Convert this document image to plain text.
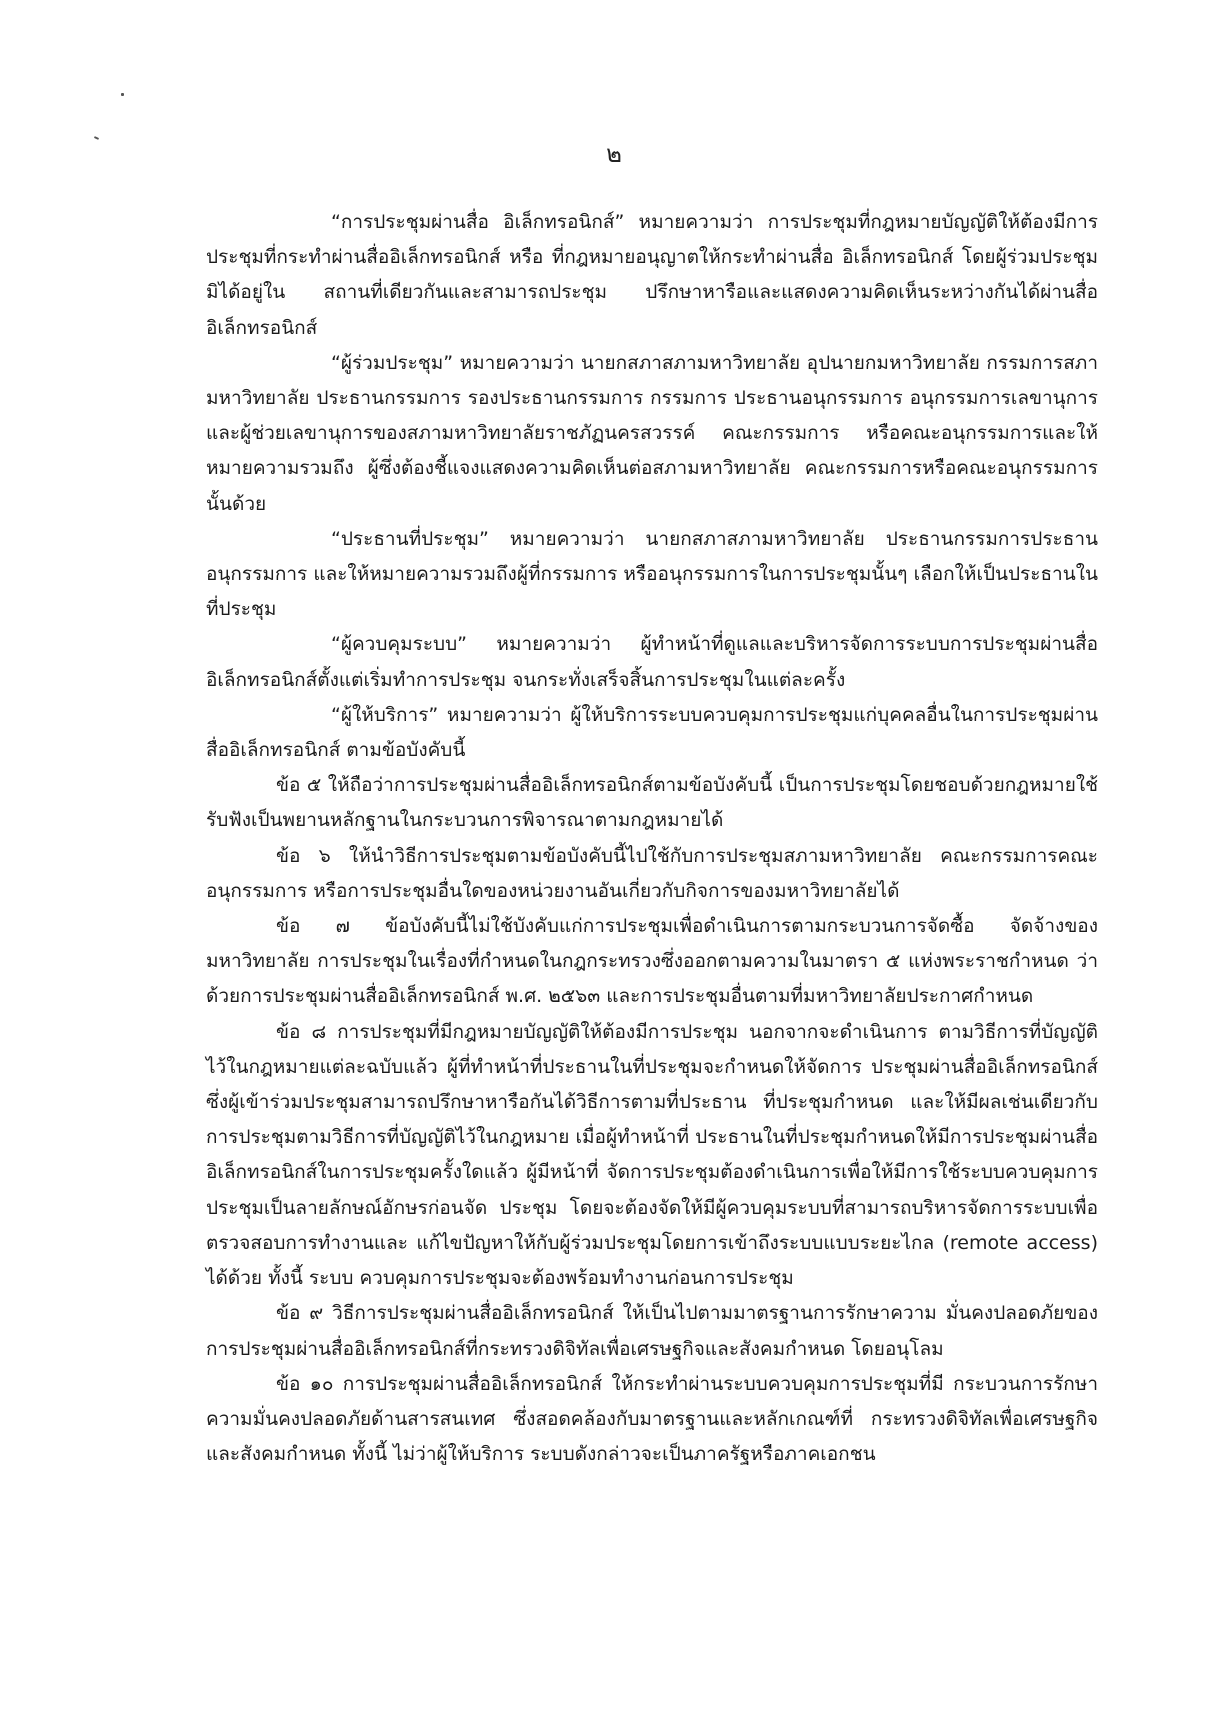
๒

“การประชุมผ่านสื่อ อิเล็กทรอนิกส์” หมายความว่า การประชุมที่กฎหมายบัญญัติให้ต้องมีการประชุมที่กระทำผ่านสื่ออิเล็กทรอนิกส์ หรือ ที่กฎหมายอนุญาตให้กระทำผ่านสื่อ อิเล็กทรอนิกส์ โดยผู้ร่วมประชุมมิได้อยู่ใน สถานที่เดียวกันและสามารถประชุม ปรึกษาหารือและแสดงความคิดเห็นระหว่างกันได้ผ่านสื่ออิเล็กทรอนิกส์

“ผู้ร่วมประชุม” หมายความว่า นายกสภาสภามหาวิทยาลัย อุปนายกมหาวิทยาลัย กรรมการสภามหาวิทยาลัย ประธานกรรมการ รองประธานกรรมการ กรรมการ ประธานอนุกรรมการ อนุกรรมการเลขานุการและผู้ช่วยเลขานุการของสภามหาวิทยาลัยราชภัฏนครสวรรค์ คณะกรรมการ หรือคณะอนุกรรมการและให้หมายความรวมถึง ผู้ซึ่งต้องชี้แจงแสดงความคิดเห็นต่อสภามหาวิทยาลัย คณะกรรมการหรือคณะอนุกรรมการ นั้นด้วย

“ประธานที่ประชุม” หมายความว่า นายกสภาสภามหาวิทยาลัย ประธานกรรมการประธานอนุกรรมการ และให้หมายความรวมถึงผู้ที่กรรมการ หรืออนุกรรมการในการประชุมนั้นๆ เลือกให้เป็นประธานในที่ประชุม

“ผู้ควบคุมระบบ” หมายความว่า ผู้ทำหน้าที่ดูแลและบริหารจัดการระบบการประชุมผ่านสื่ออิเล็กทรอนิกส์ตั้งแต่เริ่มทำการประชุม จนกระทั่งเสร็จสิ้นการประชุมในแต่ละครั้ง

“ผู้ให้บริการ” หมายความว่า ผู้ให้บริการระบบควบคุมการประชุมแก่บุคคลอื่นในการประชุมผ่านสื่ออิเล็กทรอนิกส์ ตามข้อบังคับนี้

ข้อ ๕ ให้ถือว่าการประชุมผ่านสื่ออิเล็กทรอนิกส์ตามข้อบังคับนี้ เป็นการประชุมโดยชอบด้วยกฎหมายใช้รับฟังเป็นพยานหลักฐานในกระบวนการพิจารณาตามกฎหมายได้

ข้อ ๖ ให้นำวิธีการประชุมตามข้อบังคับนี้ไปใช้กับการประชุมสภามหาวิทยาลัย คณะกรรมการคณะอนุกรรมการ หรือการประชุมอื่นใดของหน่วยงานอันเกี่ยวกับกิจการของมหาวิทยาลัยได้

ข้อ ๗ ข้อบังคับนี้ไม่ใช้บังคับแก่การประชุมเพื่อดำเนินการตามกระบวนการจัดซื้อ จัดจ้างของมหาวิทยาลัย การประชุมในเรื่องที่กำหนดในกฎกระทรวงซึ่งออกตามความในมาตรา ๕ แห่งพระราชกำหนด ว่าด้วยการประชุมผ่านสื่ออิเล็กทรอนิกส์ พ.ศ. ๒๕๖๓ และการประชุมอื่นตามที่มหาวิทยาลัยประกาศกำหนด

ข้อ ๘ การประชุมที่มีกฎหมายบัญญัติให้ต้องมีการประชุม นอกจากจะดำเนินการ ตามวิธีการที่บัญญัติไว้ในกฎหมายแต่ละฉบับแล้ว ผู้ที่ทำหน้าที่ประธานในที่ประชุมจะกำหนดให้จัดการ ประชุมผ่านสื่ออิเล็กทรอนิกส์ ซึ่งผู้เข้าร่วมประชุมสามารถปรึกษาหารือกันได้วิธีการตามที่ประธาน ที่ประชุมกำหนด และให้มีผลเช่นเดียวกับการประชุมตามวิธีการที่บัญญัติไว้ในกฎหมาย เมื่อผู้ทำหน้าที่ ประธานในที่ประชุมกำหนดให้มีการประชุมผ่านสื่ออิเล็กทรอนิกส์ในการประชุมครั้งใดแล้ว ผู้มีหน้าที่ จัดการประชุมต้องดำเนินการเพื่อให้มีการใช้ระบบควบคุมการประชุมเป็นลายลักษณ์อักษรก่อนจัด ประชุม โดยจะต้องจัดให้มีผู้ควบคุมระบบที่สามารถบริหารจัดการระบบเพื่อตรวจสอบการทำงานและ แก้ไขปัญหาให้กับผู้ร่วมประชุมโดยการเข้าถึงระบบแบบระยะไกล (remote access) ได้ด้วย ทั้งนี้ ระบบ ควบคุมการประชุมจะต้องพร้อมทำงานก่อนการประชุม

ข้อ ๙ วิธีการประชุมผ่านสื่ออิเล็กทรอนิกส์ ให้เป็นไปตามมาตรฐานการรักษาความ มั่นคงปลอดภัยของการประชุมผ่านสื่ออิเล็กทรอนิกส์ที่กระทรวงดิจิทัลเพื่อเศรษฐกิจและสังคมกำหนด โดยอนุโลม

ข้อ ๑๐ การประชุมผ่านสื่ออิเล็กทรอนิกส์ ให้กระทำผ่านระบบควบคุมการประชุมที่มี กระบวนการรักษาความมั่นคงปลอดภัยด้านสารสนเทศ ซึ่งสอดคล้องกับมาตรฐานและหลักเกณฑ์ที่ กระทรวงดิจิทัลเพื่อเศรษฐกิจและสังคมกำหนด ทั้งนี้ ไม่ว่าผู้ให้บริการ ระบบดังกล่าวจะเป็นภาครัฐหรือภาคเอกชน
